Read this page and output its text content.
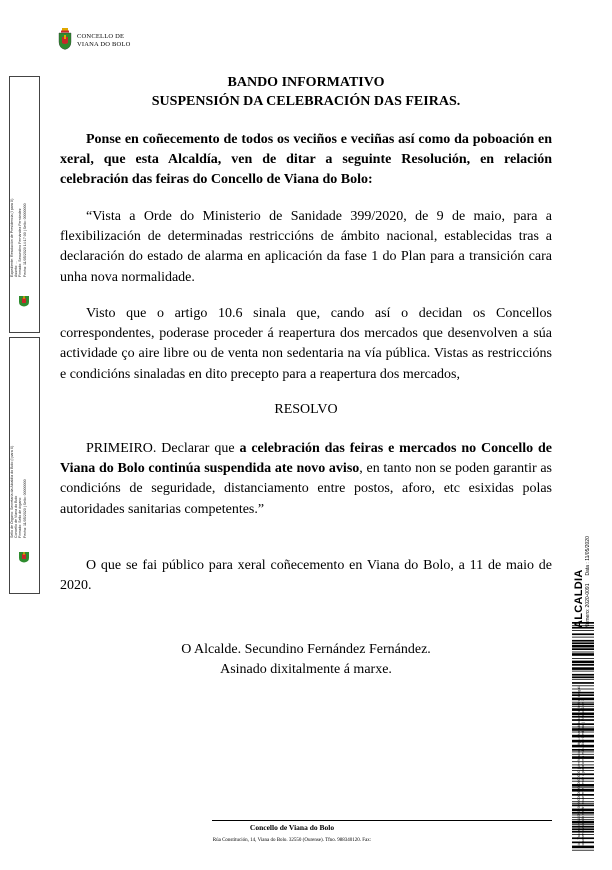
CONCELLO DE
VIANA DO BOLO
BANDO INFORMATIVO
SUSPENSIÓN DA CELEBRACIÓN DAS FEIRAS.

Ponse en coñecemento de todos os veciños e veciñas así como da poboación en xeral, que esta Alcaldía, ven de ditar a seguinte Resolución, en relación celebración das feiras do Concello de Viana do Bolo:

“Vista a Orde do Ministerio de Sanidade 399/2020, de 9 de maio, para a flexibilización de determinadas restriccións de ámbito nacional, establecidas tras a declaración do estado de alarma en aplicación da fase 1 do Plan para a transición cara unha nova normalidade.

Visto que o artigo 10.6 sinala que, cando así o decidan os Concellos correspondentes, poderase proceder á reapertura dos mercados que desenvolven a súa actividade ço aire libre ou de venta non sedentaria na vía pública. Vistas as restriccións e condicións sinaladas en dito precepto para a reapertura dos mercados,

RESOLVO

PRIMEIRO. Declarar que a celebración das feiras e mercados no Concello de Viana do Bolo continúa suspendida ate novo aviso, en tanto non se poden garantir as condicións de seguridade, distanciamento entre postos, aforo, etc esixidas polas autoridades sanitarias competentes.”

O que se fai público para xeral coñecemento en Viana do Bolo, a 11 de maio de 2020.

O Alcalde. Secundino Fernández Fernández.
Asinado dixitalmente á marxe.
Concello de Viana do Bolo
Rúa Constitución, 14, Viana do Bolo. 32550 (Ourense). Tfno. 988340120. Fax:
Expediente: Resolución de Presidencia (I para X) Asunto: ... Firmado: Secundino Fernández Fernández Fecha: 11/05/2020 14:17:00 | Sello: 00000000
Sello de Órgano: Secretaría da Alcaldía do Bolo (I para X) Concello de Viana do Bolo Firmado: Sello de órgano Fecha: 11/05/2020 | Sello: 00000000
ALCALDIA Número: 2020-0091
Data : 11/05/2020
